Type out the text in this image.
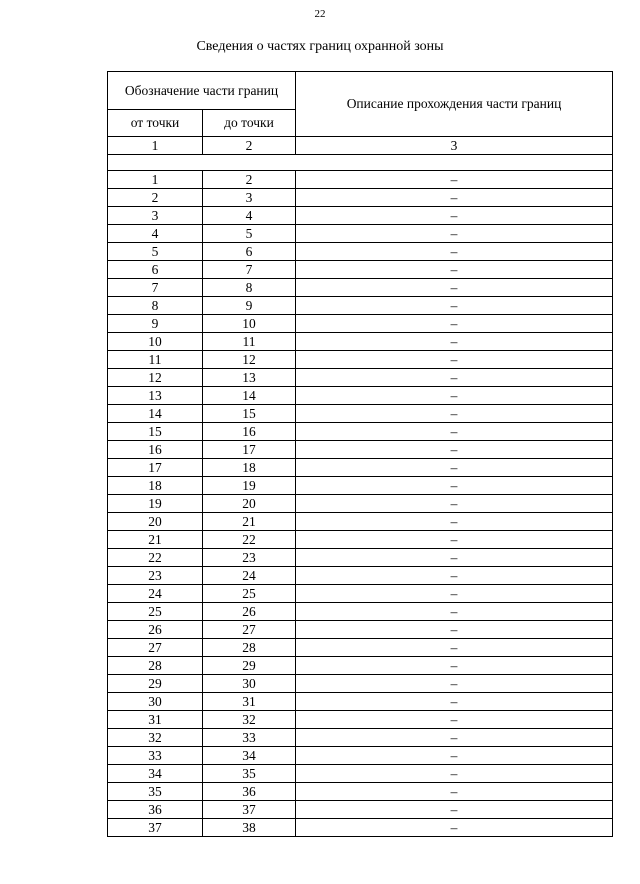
22
Сведения о частях границ охранной зоны
Обозначение части границ		Описание прохождения части границ
от точки	до точки	
1	2	3

1	2	–
2	3	–
3	4	–
4	5	–
5	6	–
6	7	–
7	8	–
8	9	–
9	10	–
10	11	–
11	12	–
12	13	–
13	14	–
14	15	–
15	16	–
16	17	–
17	18	–
18	19	–
19	20	–
20	21	–
21	22	–
22	23	–
23	24	–
24	25	–
25	26	–
26	27	–
27	28	–
28	29	–
29	30	–
30	31	–
31	32	–
32	33	–
33	34	–
34	35	–
35	36	–
36	37	–
37	38	–
